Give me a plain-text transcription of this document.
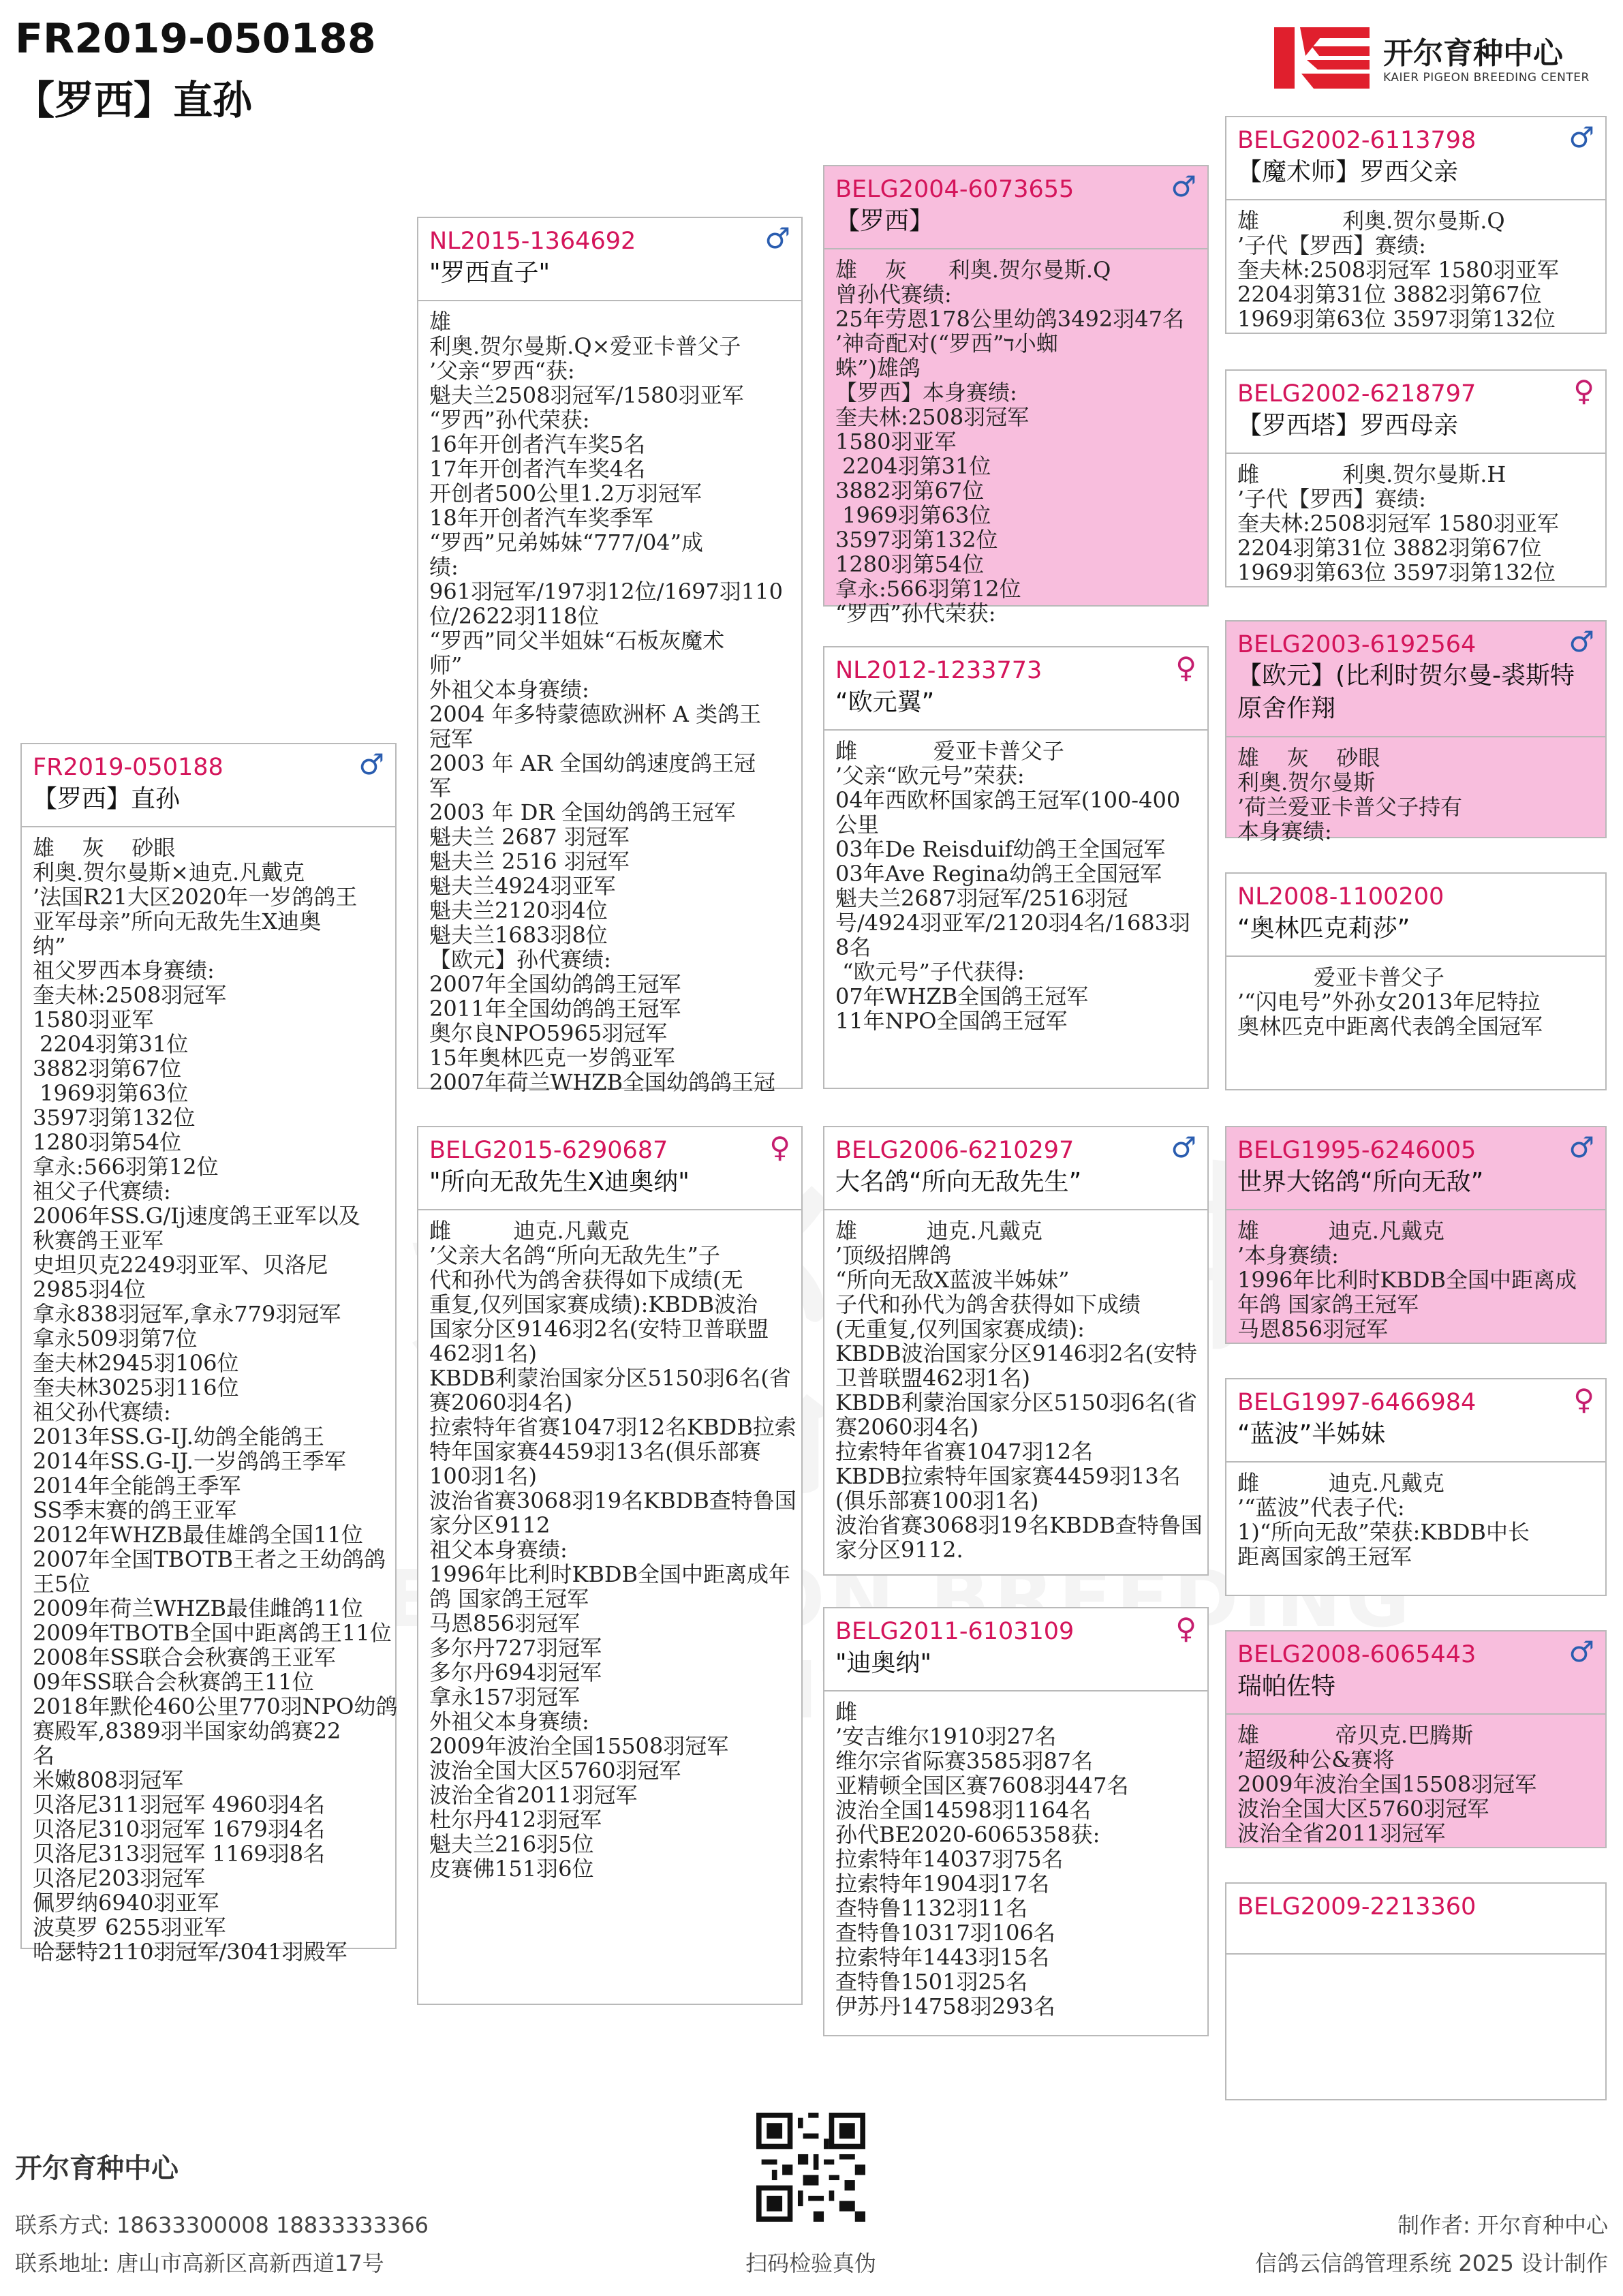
FR2019-050188
【罗西】直孙
开尔育种中心
KAIER PIGEON BREEDING CENTER
FR2019-050188
【罗西】直孙
♂

雄    灰    砂眼

利奥.贺尔曼斯×迪克.凡戴克

’法国R21大区2020年一岁鸽鸽王

亚军母亲”所向无敌先生X迪奥

纳”

祖父罗西本身赛绩:

奎夫林:2508羽冠军

1580羽亚军

2204羽第31位

3882羽第67位

1969羽第63位

3597羽第132位

1280羽第54位

拿永:566羽第12位

祖父子代赛绩:

2006年SS.G/Ij速度鸽王亚军以及

秋赛鸽王亚军

史坦贝克2249羽亚军、贝洛尼

2985羽4位

拿永838羽冠军,拿永779羽冠军

拿永509羽第7位

奎夫林2945羽106位

奎夫林3025羽116位

祖父孙代赛绩:

2013年SS.G-IJ.幼鸽全能鸽王

2014年SS.G-IJ.一岁鸽鸽王季军

2014年全能鸽王季军

SS季末赛的鸽王亚军

2012年WHZB最佳雄鸽全国11位

2007年全国TBOTB王者之王幼鸽鸽

王5位

2009年荷兰WHZB最佳雌鸽11位

2009年TBOTB全国中距离鸽王11位

2008年SS联合会秋赛鸽王亚军

09年SS联合会秋赛鸽王11位

2018年默伦460公里770羽NPO幼鸽

赛殿军,8389羽半国家幼鸽赛22

名

米嫩808羽冠军

贝洛尼311羽冠军 4960羽4名

贝洛尼310羽冠军 1679羽4名

贝洛尼313羽冠军 1169羽8名

贝洛尼203羽冠军

佩罗纳6940羽亚军

波莫罗 6255羽亚军

哈瑟特2110羽冠军/3041羽殿军

NL2015-1364692
"罗西直子"
♂

雄

利奥.贺尔曼斯.Q×爱亚卡普父子

’父亲“罗西“获:

魁夫兰2508羽冠军/1580羽亚军

“罗西”孙代荣获:

16年开创者汽车奖5名

17年开创者汽车奖4名

开创者500公里1.2万羽冠军

18年开创者汽车奖季军

“罗西”兄弟姊妹“777/04”成

绩:

961羽冠军/197羽12位/1697羽110

位/2622羽118位

“罗西”同父半姐妹“石板灰魔术

师”

外祖父本身赛绩:

2004 年多特蒙德欧洲杯 A 类鸽王

冠军

2003 年 AR 全国幼鸽速度鸽王冠

军

2003 年 DR 全国幼鸽鸽王冠军

魁夫兰 2687 羽冠军

魁夫兰 2516 羽冠军

魁夫兰4924羽亚军

魁夫兰2120羽4位

魁夫兰1683羽8位

【欧元】孙代赛绩:

2007年全国幼鸽鸽王冠军

2011年全国幼鸽鸽王冠军

奥尔良NPO5965羽冠军

15年奥林匹克一岁鸽亚军

2007年荷兰WHZB全国幼鸽鸽王冠

BELG2015-6290687
"所向无敌先生X迪奥纳"
♀

雌         迪克.凡戴克

’父亲大名鸽“所向无敌先生”子

代和孙代为鸽舍获得如下成绩(无

重复,仅列国家赛成绩):KBDB波治

国家分区9146羽2名(安特卫普联盟

462羽1名)

KBDB利蒙治国家分区5150羽6名(省

赛2060羽4名)

拉索特年省赛1047羽12名KBDB拉索

特年国家赛4459羽13名(俱乐部赛

100羽1名)

波治省赛3068羽19名KBDB查特鲁国

家分区9112

祖父本身赛绩:

1996年比利时KBDB全国中距离成年

鸽 国家鸽王冠军

马恩856羽冠军

多尔丹727羽冠军

多尔丹694羽冠军

拿永157羽冠军

外祖父本身赛绩:

2009年波治全国15508羽冠军

波治全国大区5760羽冠军

波治全省2011羽冠军

杜尔丹412羽冠军

魁夫兰216羽5位

皮赛佛151羽6位

BELG2004-6073655
【罗西】
♂

雄    灰      利奥.贺尔曼斯.Q

曾孙代赛绩:

25年劳恩178公里幼鸽3492羽47名

’神奇配对(“罗西”ד小蜘

蛛”)雄鸽

【罗西】本身赛绩:

奎夫林:2508羽冠军

1580羽亚军

2204羽第31位

3882羽第67位

1969羽第63位

3597羽第132位

1280羽第54位

拿永:566羽第12位

“罗西”孙代荣获:

NL2012-1233773
“欧元翼”
♀

雌           爱亚卡普父子

’父亲“欧元号”荣获:

04年西欧杯国家鸽王冠军(100-400

公里

03年De Reisduif幼鸽王全国冠军

03年Ave Regina幼鸽王全国冠军

魁夫兰2687羽冠军/2516羽冠

号/4924羽亚军/2120羽4名/1683羽

8名

“欧元号”子代获得:

07年WHZB全国鸽王冠军

11年NPO全国鸽王冠军

BELG2006-6210297
大名鸽“所向无敌先生”
♂

雄          迪克.凡戴克

’顶级招牌鸽

“所向无敌X蓝波半姊妹”

子代和孙代为鸽舍获得如下成绩

(无重复,仅列国家赛成绩):

KBDB波治国家分区9146羽2名(安特

卫普联盟462羽1名)

KBDB利蒙治国家分区5150羽6名(省

赛2060羽4名)

拉索特年省赛1047羽12名

KBDB拉索特年国家赛4459羽13名

(俱乐部赛100羽1名)

波治省赛3068羽19名KBDB查特鲁国

家分区9112.

BELG2011-6103109
"迪奥纳"
♀

雌

’安吉维尔1910羽27名

维尔宗省际赛3585羽87名

亚精顿全国区赛7608羽447名

波治全国14598羽1164名

孙代BE2020-6065358获:

拉索特年14037羽75名

拉索特年1904羽17名

查特鲁1132羽11名

查特鲁10317羽106名

拉索特年1443羽15名

查特鲁1501羽25名

伊苏丹14758羽293名

BELG2002-6113798
【魔术师】罗西父亲
♂

雄            利奥.贺尔曼斯.Q

’子代【罗西】赛绩:

奎夫林:2508羽冠军 1580羽亚军

2204羽第31位 3882羽第67位

1969羽第63位 3597羽第132位

BELG2002-6218797
【罗西塔】罗西母亲
♀

雌            利奥.贺尔曼斯.H

’子代【罗西】赛绩:

奎夫林:2508羽冠军 1580羽亚军

2204羽第31位 3882羽第67位

1969羽第63位 3597羽第132位

BELG2003-6192564
【欧元】(比利时贺尔曼-裘斯特原舍作翔
♂

雄    灰    砂眼

利奥.贺尔曼斯

’荷兰爱亚卡普父子持有

本身赛绩:

NL2008-1100200
“奥林匹克莉莎”

爱亚卡普父子

’“闪电号”外孙女2013年尼特拉

奥林匹克中距离代表鸽全国冠军

BELG1995-6246005
世界大铭鸽“所向无敌”
♂

雄          迪克.凡戴克

’本身赛绩:

1996年比利时KBDB全国中距离成

年鸽 国家鸽王冠军

马恩856羽冠军

BELG1997-6466984
“蓝波”半姊妹
♀

雌          迪克.凡戴克

’“蓝波”代表子代:

1)“所向无敌”荣获:KBDB中长

距离国家鸽王冠军

BELG2008-6065443
瑞帕佐特
♂

雄           帝贝克.巴腾斯

’超级种公&赛将

2009年波治全国15508羽冠军

波治全国大区5760羽冠军

波治全省2011羽冠军

BELG2009-2213360
开尔育种中心
联系方式: 18633300008 18833333366
联系地址: 唐山市高新区高新西道17号	扫码检验真伪
制作者: 开尔育种中心
信鸽云信鸽管理系统 2025 设计制作
